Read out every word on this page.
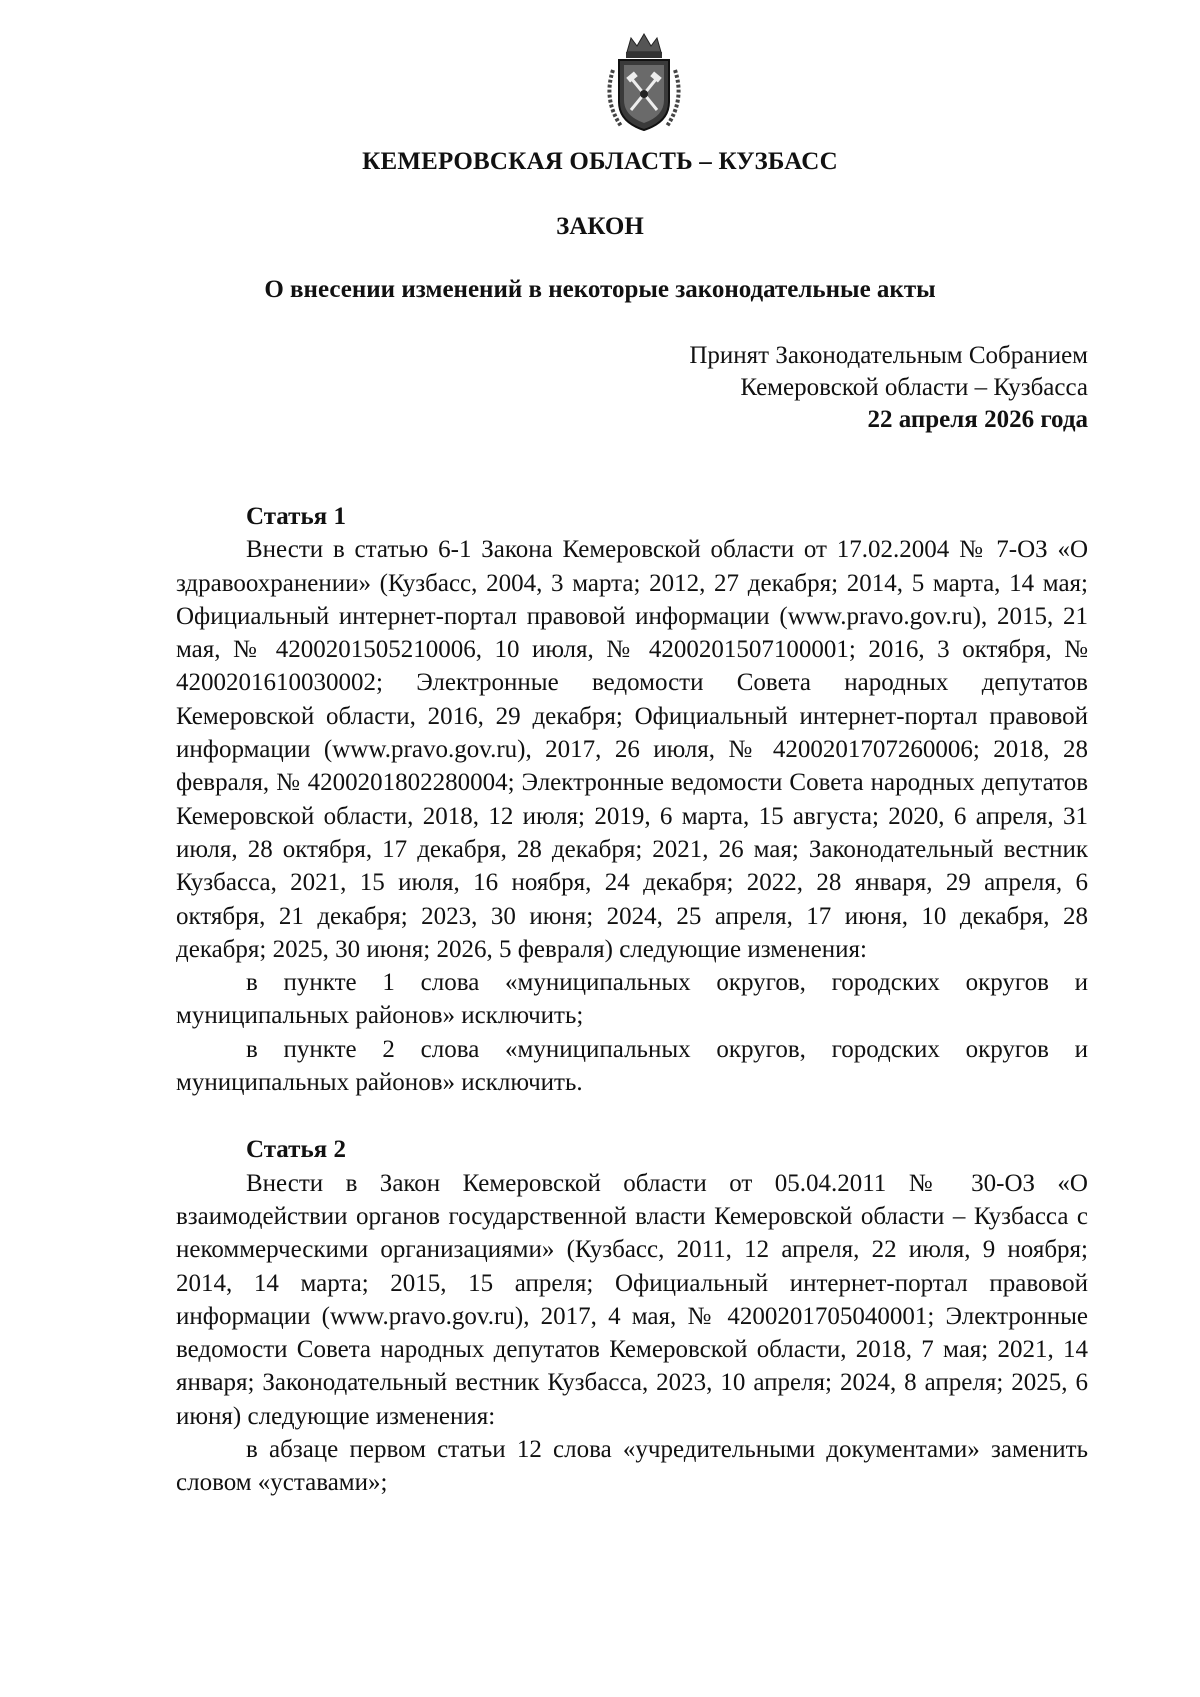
КЕМЕРОВСКАЯ ОБЛАСТЬ – КУЗБАСС
ЗАКОН
О внесении изменений в некоторые законодательные акты
Принят Законодательным Собранием
Кемеровской области – Кузбасса
22 апреля 2026 года

Статья 1

Внести в статью 6-1 Закона Кемеровской области от 17.02.2004 № 7-ОЗ «О здравоохранении» (Кузбасс, 2004, 3 марта; 2012, 27 декабря; 2014, 5 марта, 14 мая; Официальный интернет-портал правовой информации (www.pravo.gov.ru), 2015, 21 мая, № 4200201505210006, 10 июля, № 4200201507100001; 2016, 3 октября, № 4200201610030002; Электронные ведомости Совета народных депутатов Кемеровской области, 2016, 29 декабря; Официальный интернет-портал правовой информации (www.pravo.gov.ru), 2017, 26 июля, № 4200201707260006; 2018, 28 февраля, № 4200201802280004; Электронные ведомости Совета народных депутатов Кемеровской области, 2018, 12 июля; 2019, 6 марта, 15 августа; 2020, 6 апреля, 31 июля, 28 октября, 17 декабря, 28 декабря; 2021, 26 мая; Законодательный вестник Кузбасса, 2021, 15 июля, 16 ноября, 24 декабря; 2022, 28 января, 29 апреля, 6 октября, 21 декабря; 2023, 30 июня; 2024, 25 апреля, 17 июня, 10 декабря, 28 декабря; 2025, 30 июня; 2026, 5 февраля) следующие изменения:

в пункте 1 слова «муниципальных округов, городских округов и муниципальных районов» исключить;

в пункте 2 слова «муниципальных округов, городских округов и муниципальных районов» исключить.

Статья 2

Внести в Закон Кемеровской области от 05.04.2011 № 30-ОЗ «О взаимодействии органов государственной власти Кемеровской области – Кузбасса с некоммерческими организациями» (Кузбасс, 2011, 12 апреля, 22 июля, 9 ноября; 2014, 14 марта; 2015, 15 апреля; Официальный интернет-портал правовой информации (www.pravo.gov.ru), 2017, 4 мая, № 4200201705040001; Электронные ведомости Совета народных депутатов Кемеровской области, 2018, 7 мая; 2021, 14 января; Законодательный вестник Кузбасса, 2023, 10 апреля; 2024, 8 апреля; 2025, 6 июня) следующие изменения:

в абзаце первом статьи 12 слова «учредительными документами» заменить словом «уставами»;
